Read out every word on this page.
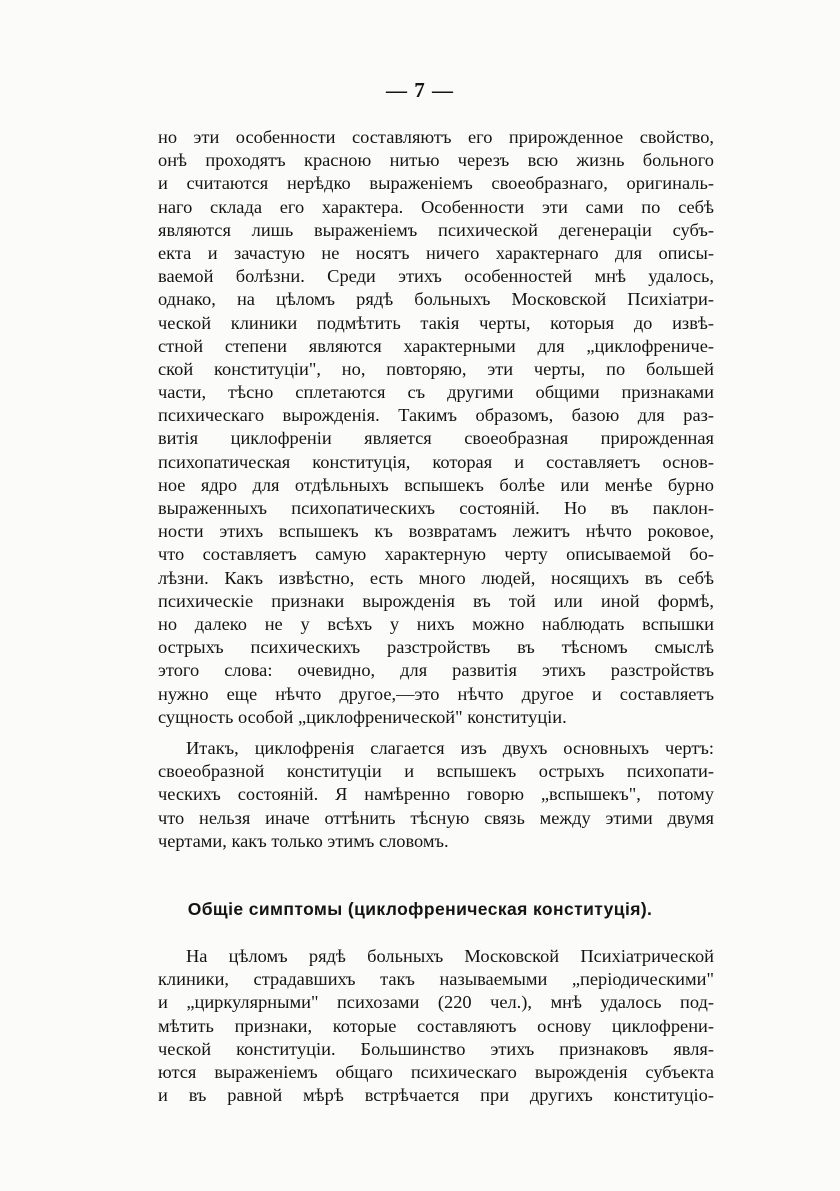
— 7 —
но эти особенности составляютъ его прирожденное свойство,
онѣ проходятъ красною нитью черезъ всю жизнь больного
и считаются нерѣдко выраженіемъ своеобразнаго, оригиналь-
наго склада его характера. Особенности эти сами по себѣ
являются лишь выраженіемъ психической дегенераціи субъ-
екта и зачастую не носятъ ничего характернаго для описы-
ваемой болѣзни. Среди этихъ особенностей мнѣ удалось,
однако, на цѣломъ рядѣ больныхъ Московской Психіатри-
ческой клиники подмѣтить такія черты, которыя до извѣ-
стной степени являются характерными для „циклофрениче-
ской конституціи", но, повторяю, эти черты, по большей
части, тѣсно сплетаются съ другими общими признаками
психическаго вырожденія. Такимъ образомъ, базою для раз-
витія циклофреніи является своеобразная прирожденная
психопатическая конституція, которая и составляетъ основ-
ное ядро для отдѣльныхъ вспышекъ болѣе или менѣе бурно
выраженныхъ психопатическихъ состояній. Но въ паклон-
ности этихъ вспышекъ къ возвратамъ лежитъ нѣчто роковое,
что составляетъ самую характерную черту описываемой бо-
лѣзни. Какъ извѣстно, есть много людей, носящихъ въ себѣ
психическіе признаки вырожденія въ той или иной формѣ,
но далеко не у всѣхъ у нихъ можно наблюдать вспышки
острыхъ психическихъ разстройствъ въ тѣсномъ смыслѣ
этого слова: очевидно, для развитія этихъ разстройствъ
нужно еще нѣчто другое,—это нѣчто другое и составляетъ
сущность особой „циклофренической" конституціи.
Итакъ, циклофренія слагается изъ двухъ основныхъ чертъ:
своеобразной конституціи и вспышекъ острыхъ психопати-
ческихъ состояній. Я намѣренно говорю „вспышекъ", потому
что нельзя иначе оттѣнить тѣсную связь между этими двумя
чертами, какъ только этимъ словомъ.
Общіе симптомы (циклофреническая конституція).
На цѣломъ рядѣ больныхъ Московской Психіатрической
клиники, страдавшихъ такъ называемыми „періодическими"
и „циркулярными" психозами (220 чел.), мнѣ удалось под-
мѣтить признаки, которые составляютъ основу циклофрени-
ческой конституціи. Большинство этихъ признаковъ явля-
ются выраженіемъ общаго психическаго вырожденія субъекта
и въ равной мѣрѣ встрѣчается при другихъ конституціо-
